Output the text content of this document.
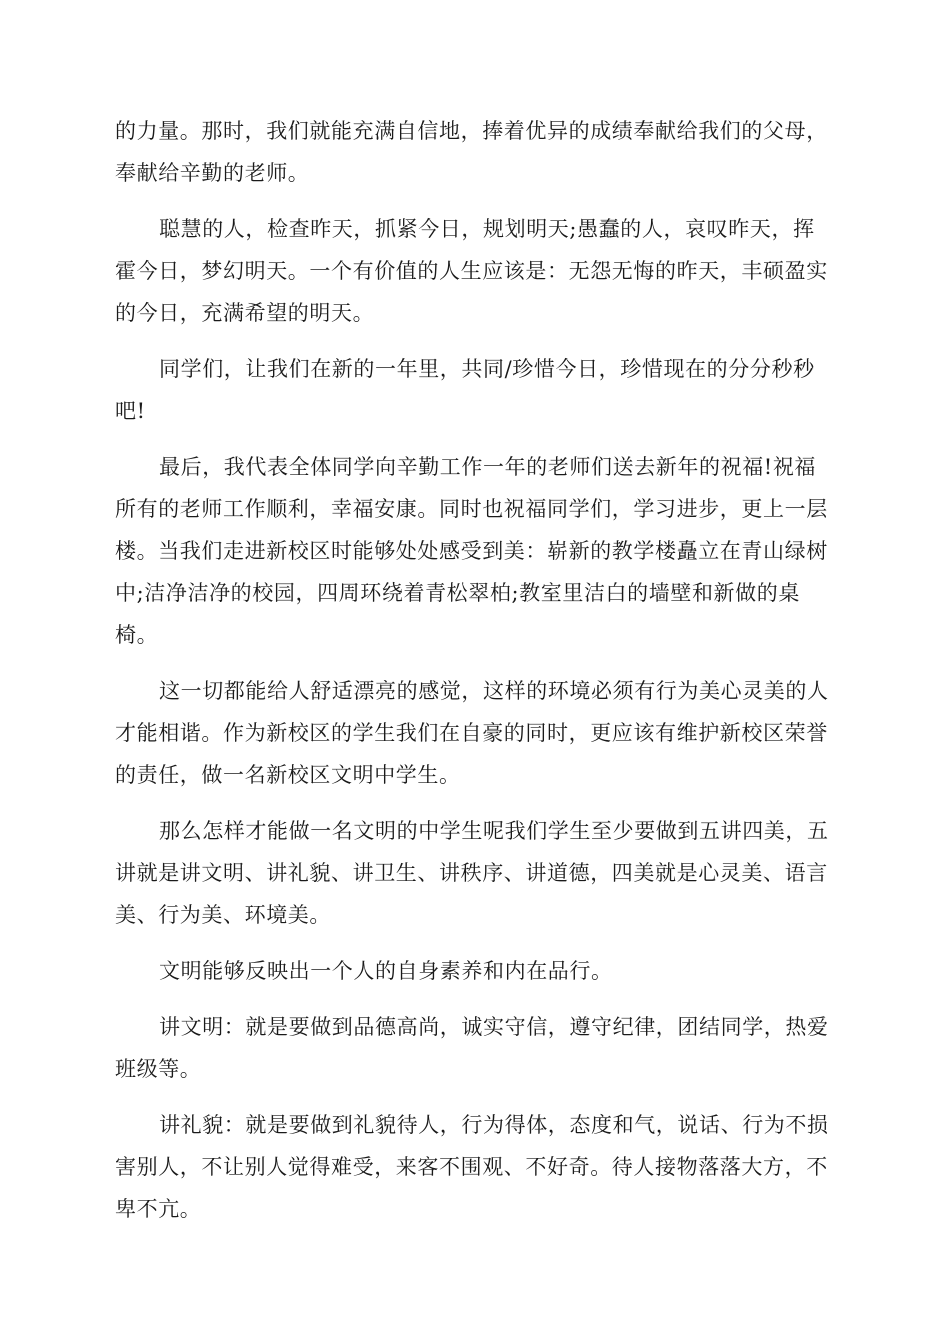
的力量。那时，我们就能充满自信地，捧着优异的成绩奉献给我们的父母，奉献给辛勤的老师。

聪慧的人，检查昨天，抓紧今日，规划明天;愚蠢的人，哀叹昨天，挥霍今日，梦幻明天。一个有价值的人生应该是：无怨无悔的昨天，丰硕盈实的今日，充满希望的明天。

同学们，让我们在新的一年里，共同/珍惜今日，珍惜现在的分分秒秒吧!

最后，我代表全体同学向辛勤工作一年的老师们送去新年的祝福!祝福所有的老师工作顺利，幸福安康。同时也祝福同学们，学习进步，更上一层楼。当我们走进新校区时能够处处感受到美：崭新的教学楼矗立在青山绿树中;洁净洁净的校园，四周环绕着青松翠柏;教室里洁白的墙壁和新做的桌椅。

这一切都能给人舒适漂亮的感觉，这样的环境必须有行为美心灵美的人才能相谐。作为新校区的学生我们在自豪的同时，更应该有维护新校区荣誉的责任，做一名新校区文明中学生。

那么怎样才能做一名文明的中学生呢我们学生至少要做到五讲四美，五讲就是讲文明、讲礼貌、讲卫生、讲秩序、讲道德，四美就是心灵美、语言美、行为美、环境美。

文明能够反映出一个人的自身素养和内在品行。

讲文明：就是要做到品德高尚，诚实守信，遵守纪律，团结同学，热爱班级等。

讲礼貌：就是要做到礼貌待人，行为得体，态度和气，说话、行为不损害别人，不让别人觉得难受，来客不围观、不好奇。待人接物落落大方，不卑不亢。
